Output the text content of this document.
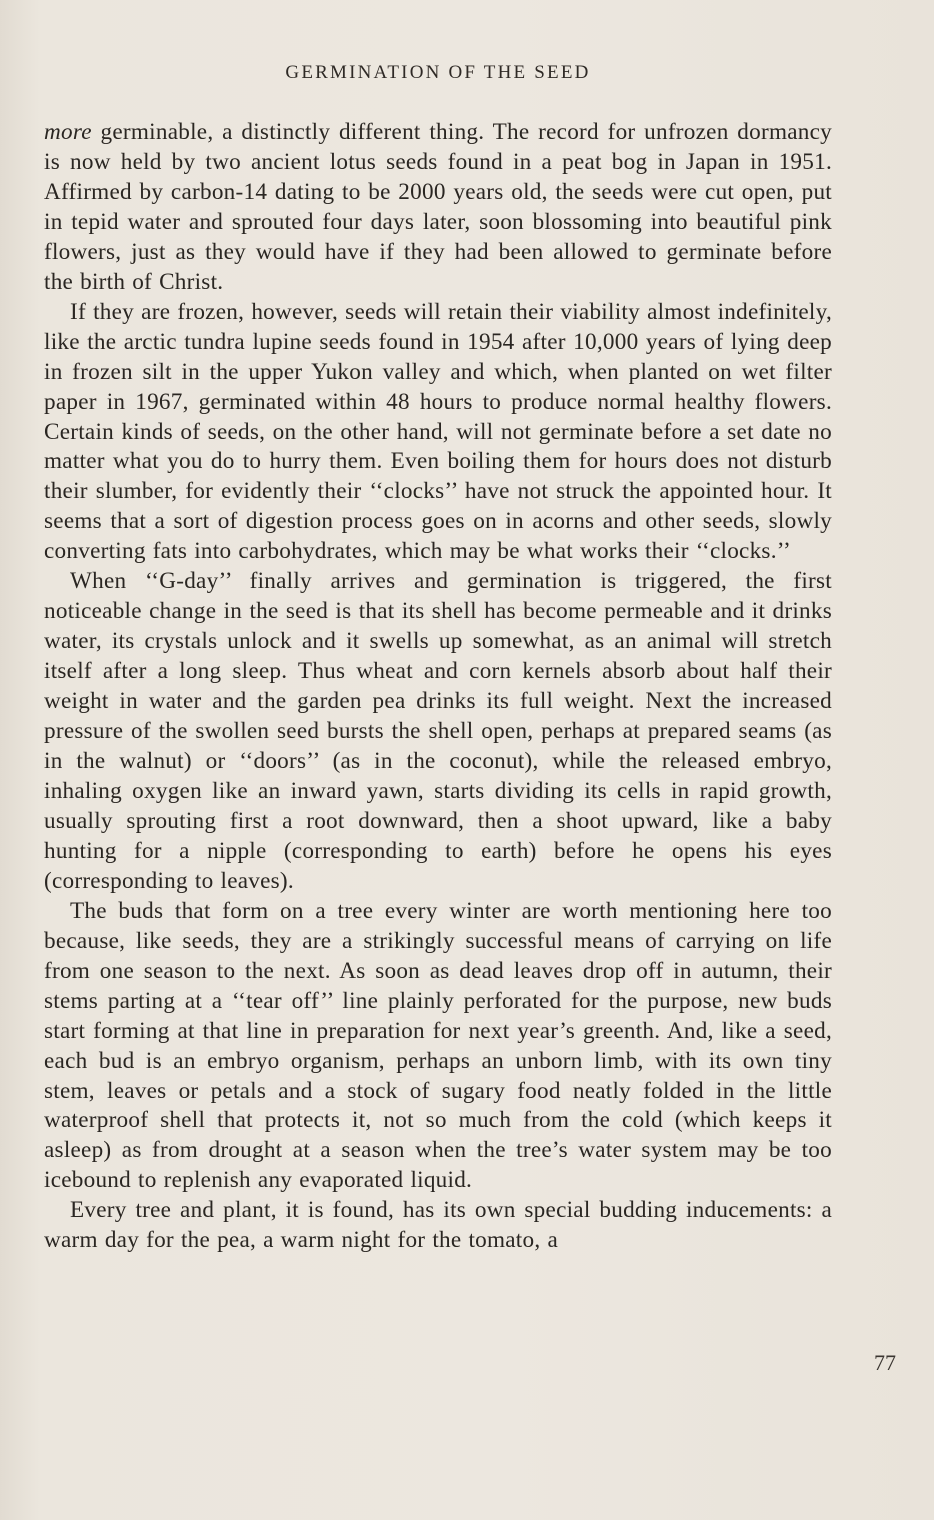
GERMINATION OF THE SEED

more germinable, a distinctly different thing. The record for unfrozen dormancy is now held by two ancient lotus seeds found in a peat bog in Japan in 1951. Affirmed by carbon-14 dating to be 2000 years old, the seeds were cut open, put in tepid water and sprouted four days later, soon blossoming into beautiful pink flowers, just as they would have if they had been allowed to germinate before the birth of Christ.

If they are frozen, however, seeds will retain their viability almost indefinitely, like the arctic tundra lupine seeds found in 1954 after 10,000 years of lying deep in frozen silt in the upper Yukon valley and which, when planted on wet filter paper in 1967, germinated within 48 hours to produce normal healthy flowers. Certain kinds of seeds, on the other hand, will not germinate before a set date no matter what you do to hurry them. Even boiling them for hours does not disturb their slumber, for evidently their ‘‘clocks’’ have not struck the appointed hour. It seems that a sort of digestion process goes on in acorns and other seeds, slowly converting fats into carbohydrates, which may be what works their ‘‘clocks.’’

When ‘‘G-day’’ finally arrives and germination is triggered, the first noticeable change in the seed is that its shell has become permeable and it drinks water, its crystals unlock and it swells up somewhat, as an animal will stretch itself after a long sleep. Thus wheat and corn kernels absorb about half their weight in water and the garden pea drinks its full weight. Next the increased pressure of the swollen seed bursts the shell open, perhaps at prepared seams (as in the walnut) or ‘‘doors’’ (as in the coconut), while the released embryo, inhaling oxygen like an inward yawn, starts dividing its cells in rapid growth, usually sprouting first a root downward, then a shoot upward, like a baby hunting for a nipple (corresponding to earth) before he opens his eyes (corresponding to leaves).

The buds that form on a tree every winter are worth mentioning here too because, like seeds, they are a strikingly successful means of carrying on life from one season to the next. As soon as dead leaves drop off in autumn, their stems parting at a ‘‘tear off’’ line plainly perforated for the purpose, new buds start forming at that line in preparation for next year’s greenth. And, like a seed, each bud is an embryo organism, perhaps an unborn limb, with its own tiny stem, leaves or petals and a stock of sugary food neatly folded in the little waterproof shell that protects it, not so much from the cold (which keeps it asleep) as from drought at a season when the tree’s water system may be too icebound to replenish any evaporated liquid.

Every tree and plant, it is found, has its own special budding inducements: a warm day for the pea, a warm night for the tomato, a

77
